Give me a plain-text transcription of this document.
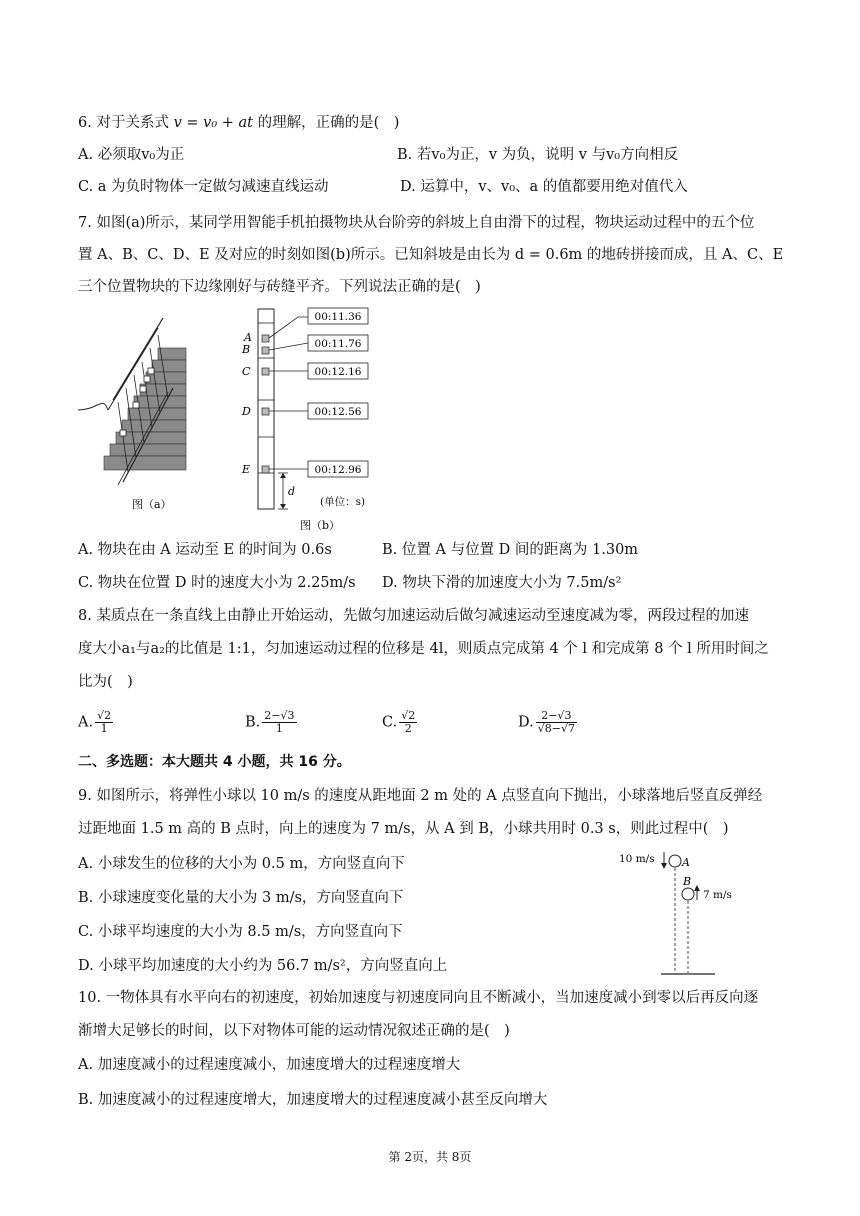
6. 对于关系式 v = v₀ + at 的理解，正确的是(　)
A. 必须取v₀为正	B. 若v₀为正，v 为负，说明 v 与v₀方向相反
C. a 为负时物体一定做匀减速直线运动	D. 运算中，v、v₀、a 的值都要用绝对值代入
7. 如图(a)所示，某同学用智能手机拍摄物块从台阶旁的斜坡上自由滑下的过程，物块运动过程中的五个位
置 A、B、C、D、E 及对应的时刻如图(b)所示。已知斜坡是由长为 d = 0.6m 的地砖拼接而成，且 A、C、E
三个位置物块的下边缘刚好与砖缝平齐。下列说法正确的是(　)
图（a）
A
B
C
D
E
00:11.36
00:11.76
00:12.16
00:12.56
00:12.96
d
(单位：s)
图（b）
A. 物块在由 A 运动至 E 的时间为 0.6s	B. 位置 A 与位置 D 间的距离为 1.30m
C. 物块在位置 D 时的速度大小为 2.25m/s D. 物块下滑的加速度大小为 7.5m/s²
8. 某质点在一条直线上由静止开始运动，先做匀加速运动后做匀减速运动至速度减为零，两段过程的加速
度大小a₁与a₂的比值是 1:1，匀加速运动过程的位移是 4l，则质点完成第 4 个 l 和完成第 8 个 l 所用时间之
比为(　)
A. $\frac{√2}{1}$	B. $\frac{2-√3}{1}$	C. $\frac{√2}{2}$	D. $\frac{2-√3}{√8-√7}$
二、多选题：本大题共 4 小题，共 16 分。
9. 如图所示，将弹性小球以 10 m/s 的速度从距地面 2 m 处的 A 点竖直向下抛出，小球落地后竖直反弹经
过距地面 1.5 m 高的 B 点时，向上的速度为 7 m/s，从 A 到 B，小球共用时 0.3 s，则此过程中(　)
A. 小球发生的位移的大小为 0.5 m，方向竖直向下
B. 小球速度变化量的大小为 3 m/s，方向竖直向下
C. 小球平均速度的大小为 8.5 m/s，方向竖直向下
D. 小球平均加速度的大小约为 56.7 m/s²，方向竖直向上
10 m/s A
B
7 m/s
10. 一物体具有水平向右的初速度，初始加速度与初速度同向且不断减小，当加速度减小到零以后再反向逐
渐增大足够长的时间，以下对物体可能的运动情况叙述正确的是(　)
A. 加速度减小的过程速度减小，加速度增大的过程速度增大
B. 加速度减小的过程速度增大，加速度增大的过程速度减小甚至反向增大
第 2页，共 8页
